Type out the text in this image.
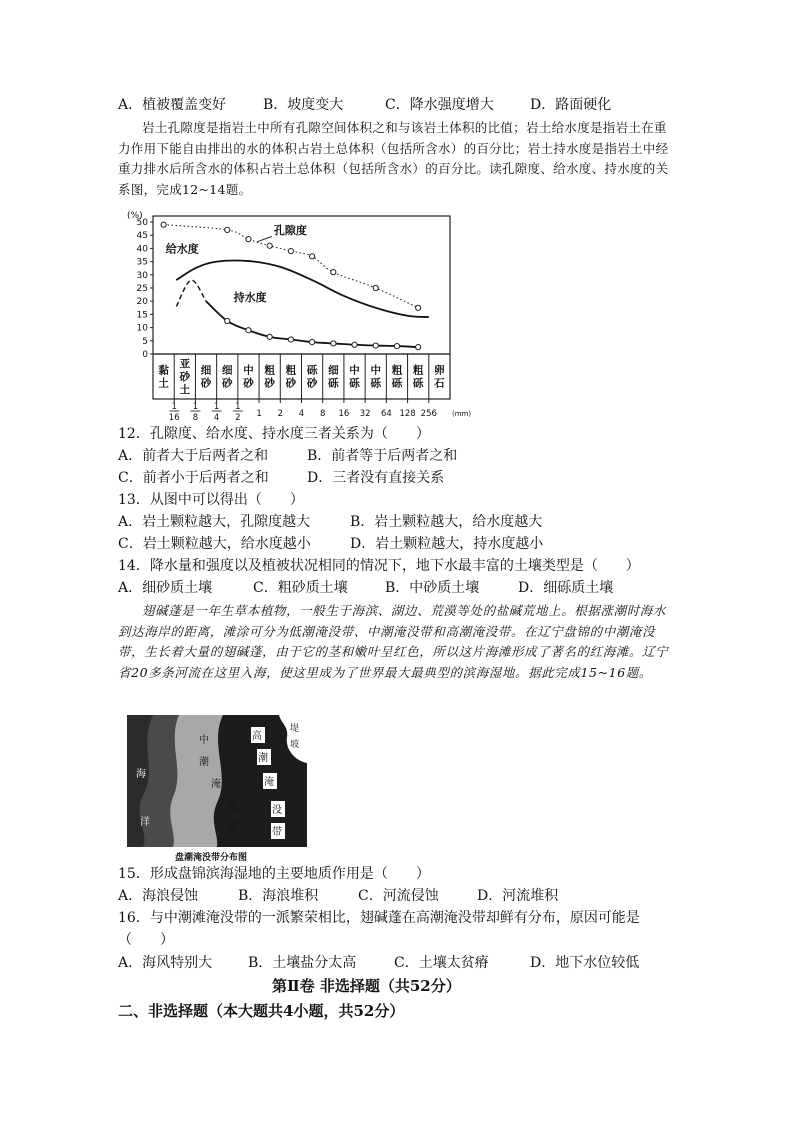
A．植被覆盖变好	B．坡度变大	C．降水强度增大	D．路面硬化
岩土孔隙度是指岩土中所有孔隙空间体积之和与该岩土体积的比值；岩土给水度是指岩土在重力作用下能自由排出的水的体积占岩土总体积（包括所含水）的百分比；岩土持水度是指岩土中经重力排水后所含水的体积占岩土总体积（包括所含水）的百分比。读孔隙度、给水度、持水度的关系图，完成12~14题。
(%)
0
5
10
15
20
25
30
35
40
45
50
黏
土
亚
砂
土
细
砂
细
砂
中
砂
粗
砂
粗
砂
砾
砂
细
砾
中
砾
中
砾
粗
砾
粗
砾
卵
石
1
16
1
8
1
4
1
2 1 2 4 8 16 32 64 128 256 (mm)
孔隙度
给水度
持水度
12．孔隙度、给水度、持水度三者关系为（　　）
A．前者大于后两者之和	B．前者等于后两者之和
C．前者小于后两者之和	D．三者没有直接关系
13．从图中可以得出（　　）
A．岩土颗粒越大，孔隙度越大	B．岩土颗粒越大，给水度越大
C．岩土颗粒越大，给水度越小	D．岩土颗粒越大，持水度越小
14．降水量和强度以及植被状况相同的情况下，地下水最丰富的土壤类型是（　　）
A．细砂质土壤	C．粗砂质土壤	B．中砂质土壤	D．细砾质土壤
翅碱蓬是一年生草本植物，一般生于海滨、湖边、荒漠等处的盐碱荒地上。根据涨潮时海水到达海岸的距离，滩涂可分为低潮淹没带、中潮淹没带和高潮淹没带。在辽宁盘锦的中潮淹没带，生长着大量的翅碱蓬，由于它的茎和嫩叶呈红色，所以这片海滩形成了著名的红海滩。辽宁省20多条河流在这里入海，使这里成为了世界最大最典型的滨海湿地。据此完成15~16题。
海
洋
中
潮
淹
没
带
高
潮
淹
没
带
堤
坡
盘潮淹没带分布图
15．形成盘锦滨海湿地的主要地质作用是（　　）
A．海浪侵蚀	B．海浪堆积	C．河流侵蚀	D．河流堆积
16．与中潮滩淹没带的一派繁荣相比，翅碱蓬在高潮淹没带却鲜有分布，原因可能是
（　　）
A．海风特别大	B．土壤盐分太高	C．土壤太贫瘠	D．地下水位较低
第Ⅱ卷 非选择题（共52分）
二、非选择题（本大题共4小题，共52分）
